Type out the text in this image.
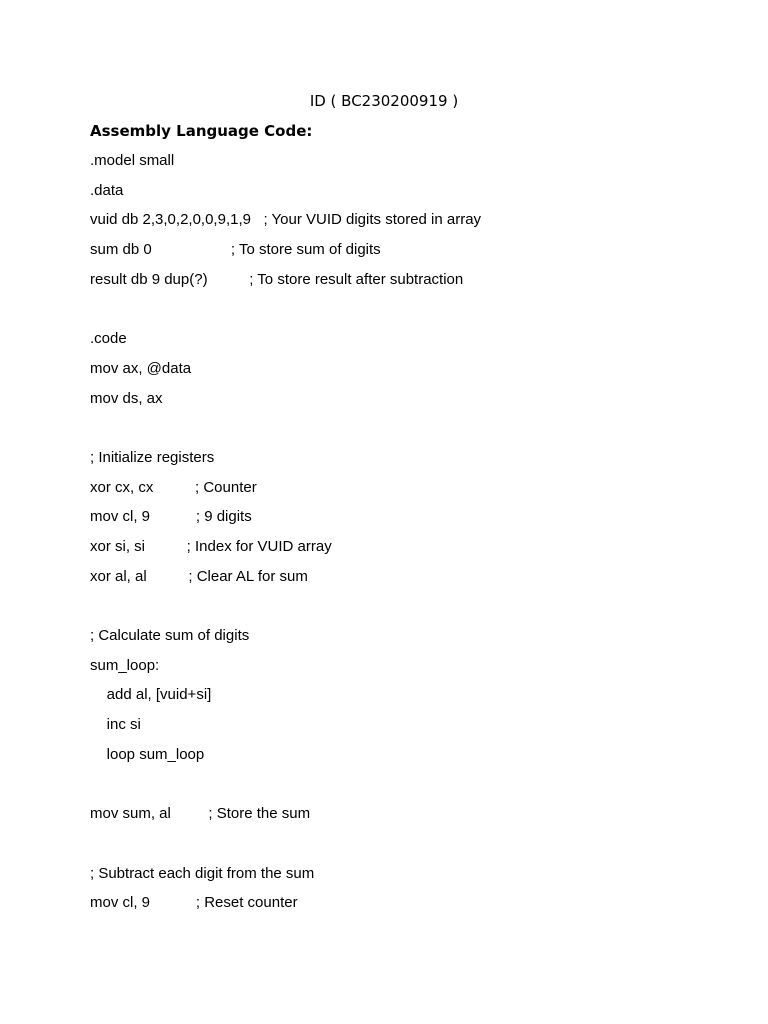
ID ( BC230200919 )
Assembly Language Code:
.model small
.data
vuid db 2,3,0,2,0,0,9,1,9   ; Your VUID digits stored in array
sum db 0                   ; To store sum of digits
result db 9 dup(?)          ; To store result after subtraction
.code
mov ax, @data
mov ds, ax
; Initialize registers
xor cx, cx          ; Counter
mov cl, 9           ; 9 digits
xor si, si          ; Index for VUID array
xor al, al          ; Clear AL for sum
; Calculate sum of digits
sum_loop:
add al, [vuid+si]
inc si
loop sum_loop
mov sum, al         ; Store the sum
; Subtract each digit from the sum
mov cl, 9           ; Reset counter
